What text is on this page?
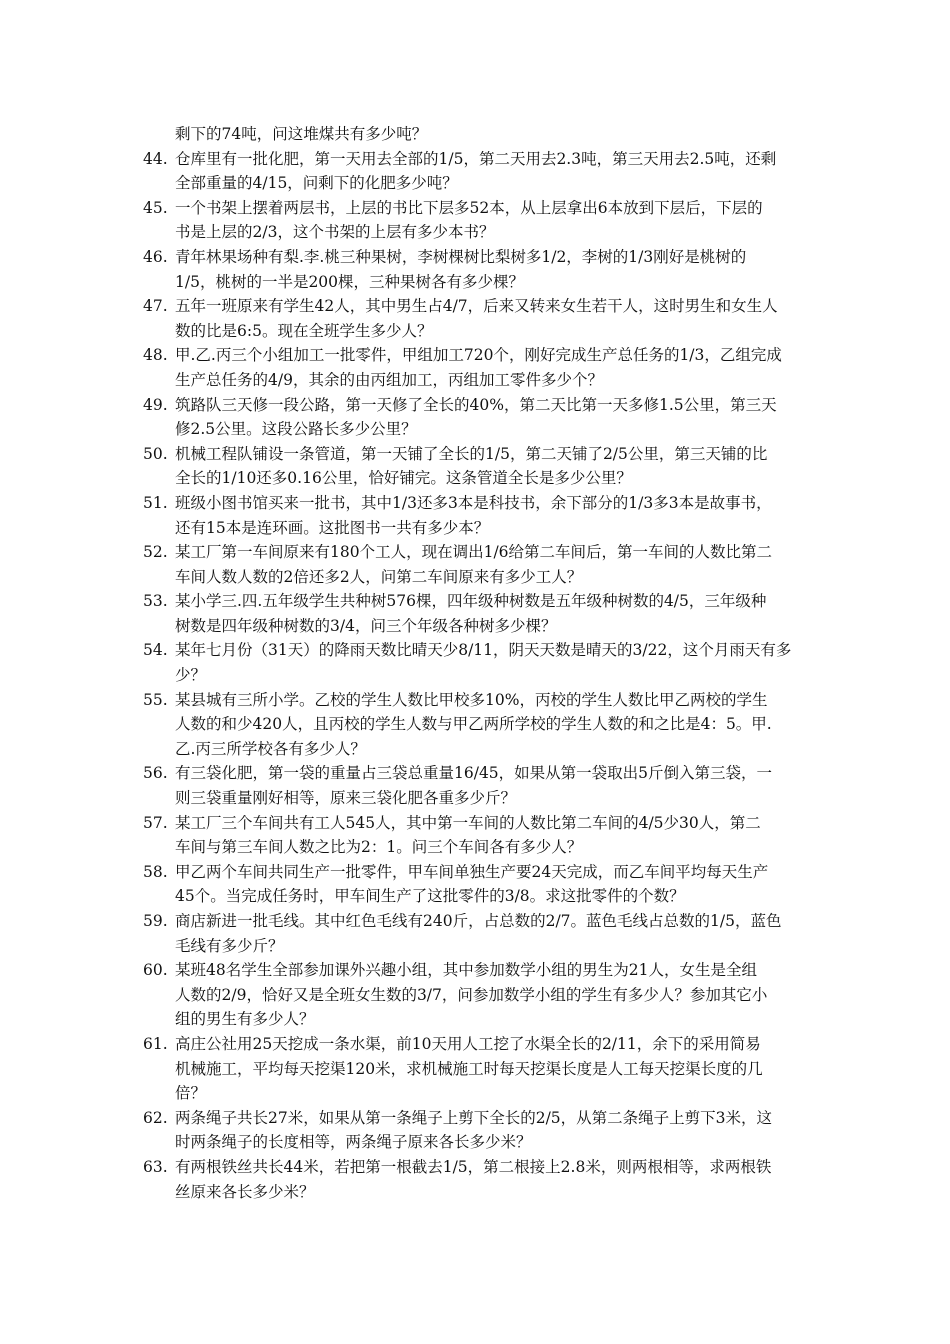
剩下的74吨，问这堆煤共有多少吨？

44. 仓库里有一批化肥，第一天用去全部的1/5，第二天用去2.3吨，第三天用去2.5吨，还剩
全部重量的4/15，问剩下的化肥多少吨？
45. 一个书架上摆着两层书，上层的书比下层多52本，从上层拿出6本放到下层后，下层的
书是上层的2/3，这个书架的上层有多少本书？
46. 青年林果场种有梨.李.桃三种果树，李树棵树比梨树多1/2，李树的1/3刚好是桃树的
1/5，桃树的一半是200棵，三种果树各有多少棵？
47. 五年一班原来有学生42人，其中男生占4/7，后来又转来女生若干人，这时男生和女生人
数的比是6:5。现在全班学生多少人？
48. 甲.乙.丙三个小组加工一批零件，甲组加工720个，刚好完成生产总任务的1/3，乙组完成
生产总任务的4/9，其余的由丙组加工，丙组加工零件多少个？
49. 筑路队三天修一段公路，第一天修了全长的40%，第二天比第一天多修1.5公里，第三天
修2.5公里。这段公路长多少公里？
50. 机械工程队铺设一条管道，第一天铺了全长的1/5，第二天铺了2/5公里，第三天铺的比
全长的1/10还多0.16公里，恰好铺完。这条管道全长是多少公里？
51. 班级小图书馆买来一批书，其中1/3还多3本是科技书，余下部分的1/3多3本是故事书，
还有15本是连环画。这批图书一共有多少本？
52. 某工厂第一车间原来有180个工人，现在调出1/6给第二车间后，第一车间的人数比第二
车间人数人数的2倍还多2人，问第二车间原来有多少工人？
53. 某小学三.四.五年级学生共种树576棵，四年级种树数是五年级种树数的4/5，三年级种
树数是四年级种树数的3/4，问三个年级各种树多少棵？
54. 某年七月份（31天）的降雨天数比晴天少8/11，阴天天数是晴天的3/22，这个月雨天有多
少？
55. 某县城有三所小学。乙校的学生人数比甲校多10%，丙校的学生人数比甲乙两校的学生
人数的和少420人，且丙校的学生人数与甲乙两所学校的学生人数的和之比是4：5。甲.
乙.丙三所学校各有多少人？
56. 有三袋化肥，第一袋的重量占三袋总重量16/45，如果从第一袋取出5斤倒入第三袋，一
则三袋重量刚好相等，原来三袋化肥各重多少斤？
57. 某工厂三个车间共有工人545人，其中第一车间的人数比第二车间的4/5少30人，第二
车间与第三车间人数之比为2：1。问三个车间各有多少人？
58. 甲乙两个车间共同生产一批零件，甲车间单独生产要24天完成，而乙车间平均每天生产
45个。当完成任务时，甲车间生产了这批零件的3/8。求这批零件的个数？
59. 商店新进一批毛线。其中红色毛线有240斤，占总数的2/7。蓝色毛线占总数的1/5，蓝色
毛线有多少斤？
60. 某班48名学生全部参加课外兴趣小组，其中参加数学小组的男生为21人，女生是全组
人数的2/9，恰好又是全班女生数的3/7，问参加数学小组的学生有多少人？参加其它小
组的男生有多少人？
61. 高庄公社用25天挖成一条水渠，前10天用人工挖了水渠全长的2/11，余下的采用简易
机械施工，平均每天挖渠120米，求机械施工时每天挖渠长度是人工每天挖渠长度的几
倍？
62. 两条绳子共长27米，如果从第一条绳子上剪下全长的2/5，从第二条绳子上剪下3米，这
时两条绳子的长度相等，两条绳子原来各长多少米？
63. 有两根铁丝共长44米，若把第一根截去1/5，第二根接上2.8米，则两根相等，求两根铁
丝原来各长多少米？
